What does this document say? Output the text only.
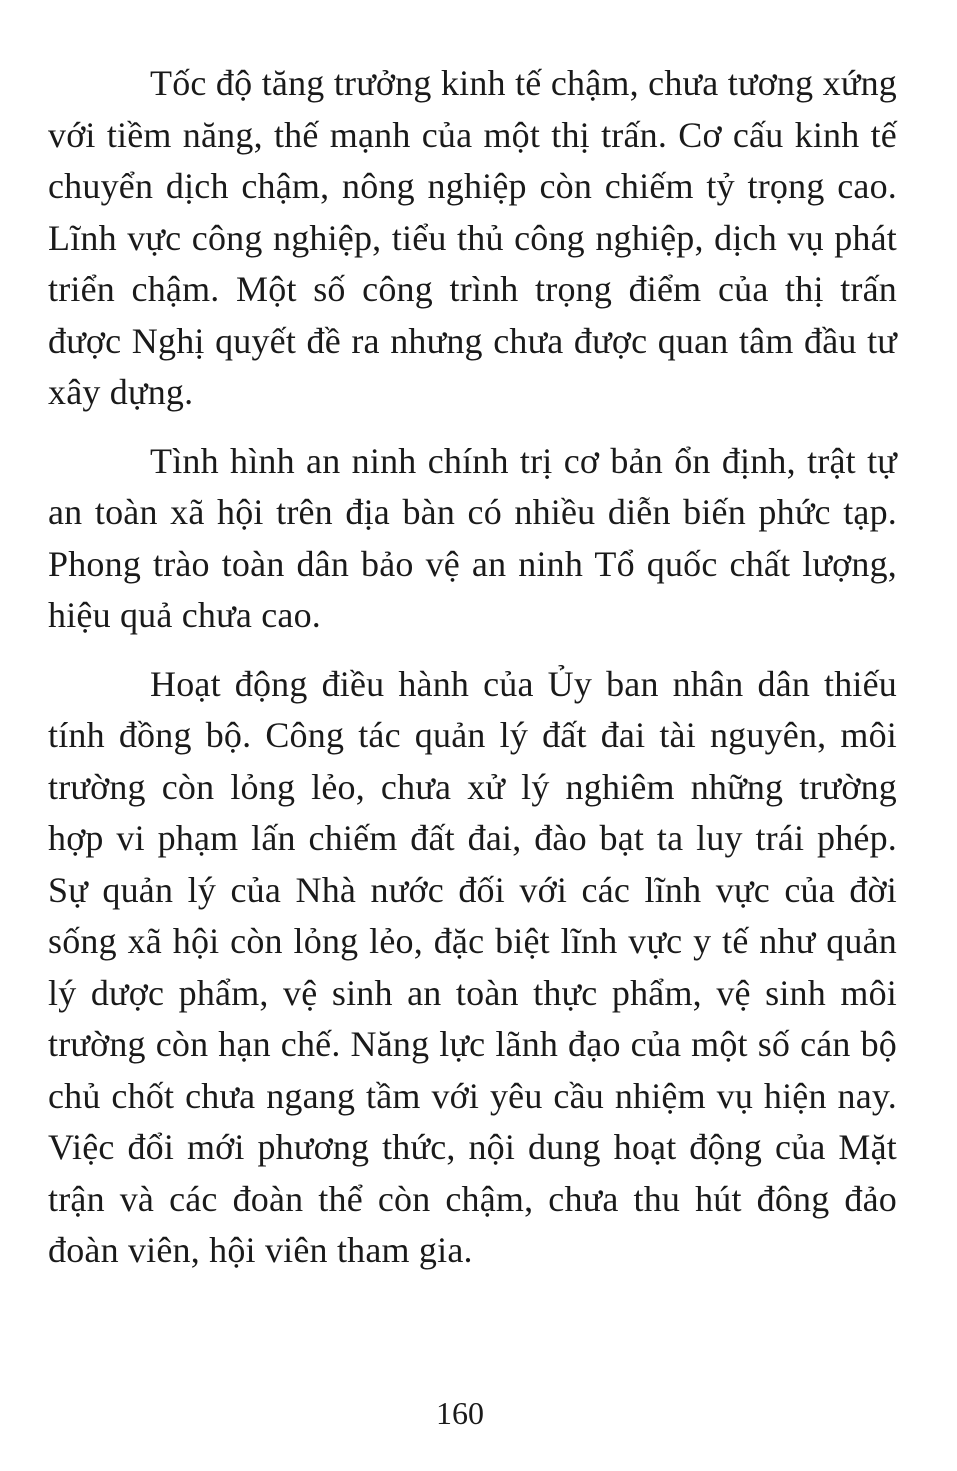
Tốc độ tăng trưởng kinh tế chậm, chưa tương xứng với tiềm năng, thế mạnh của một thị trấn. Cơ cấu kinh tế chuyển dịch chậm, nông nghiệp còn chiếm tỷ trọng cao. Lĩnh vực công nghiệp, tiểu thủ công nghiệp, dịch vụ phát triển chậm. Một số công trình trọng điểm của thị trấn được Nghị quyết đề ra nhưng chưa được quan tâm đầu tư xây dựng.

Tình hình an ninh chính trị cơ bản ổn định, trật tự an toàn xã hội trên địa bàn có nhiều diễn biến phức tạp. Phong trào toàn dân bảo vệ an ninh Tổ quốc chất lượng, hiệu quả chưa cao.

Hoạt động điều hành của Ủy ban nhân dân thiếu tính đồng bộ. Công tác quản lý đất đai tài nguyên, môi trường còn lỏng lẻo, chưa xử lý nghiêm những trường hợp vi phạm lấn chiếm đất đai, đào bạt ta luy trái phép. Sự quản lý của Nhà nước đối với các lĩnh vực của đời sống xã hội còn lỏng lẻo, đặc biệt lĩnh vực y tế như quản lý dược phẩm, vệ sinh an toàn thực phẩm, vệ sinh môi trường còn hạn chế. Năng lực lãnh đạo của một số cán bộ chủ chốt chưa ngang tầm với yêu cầu nhiệm vụ hiện nay. Việc đổi mới phương thức, nội dung hoạt động của Mặt trận và các đoàn thể còn chậm, chưa thu hút đông đảo đoàn viên, hội viên tham gia.

160
